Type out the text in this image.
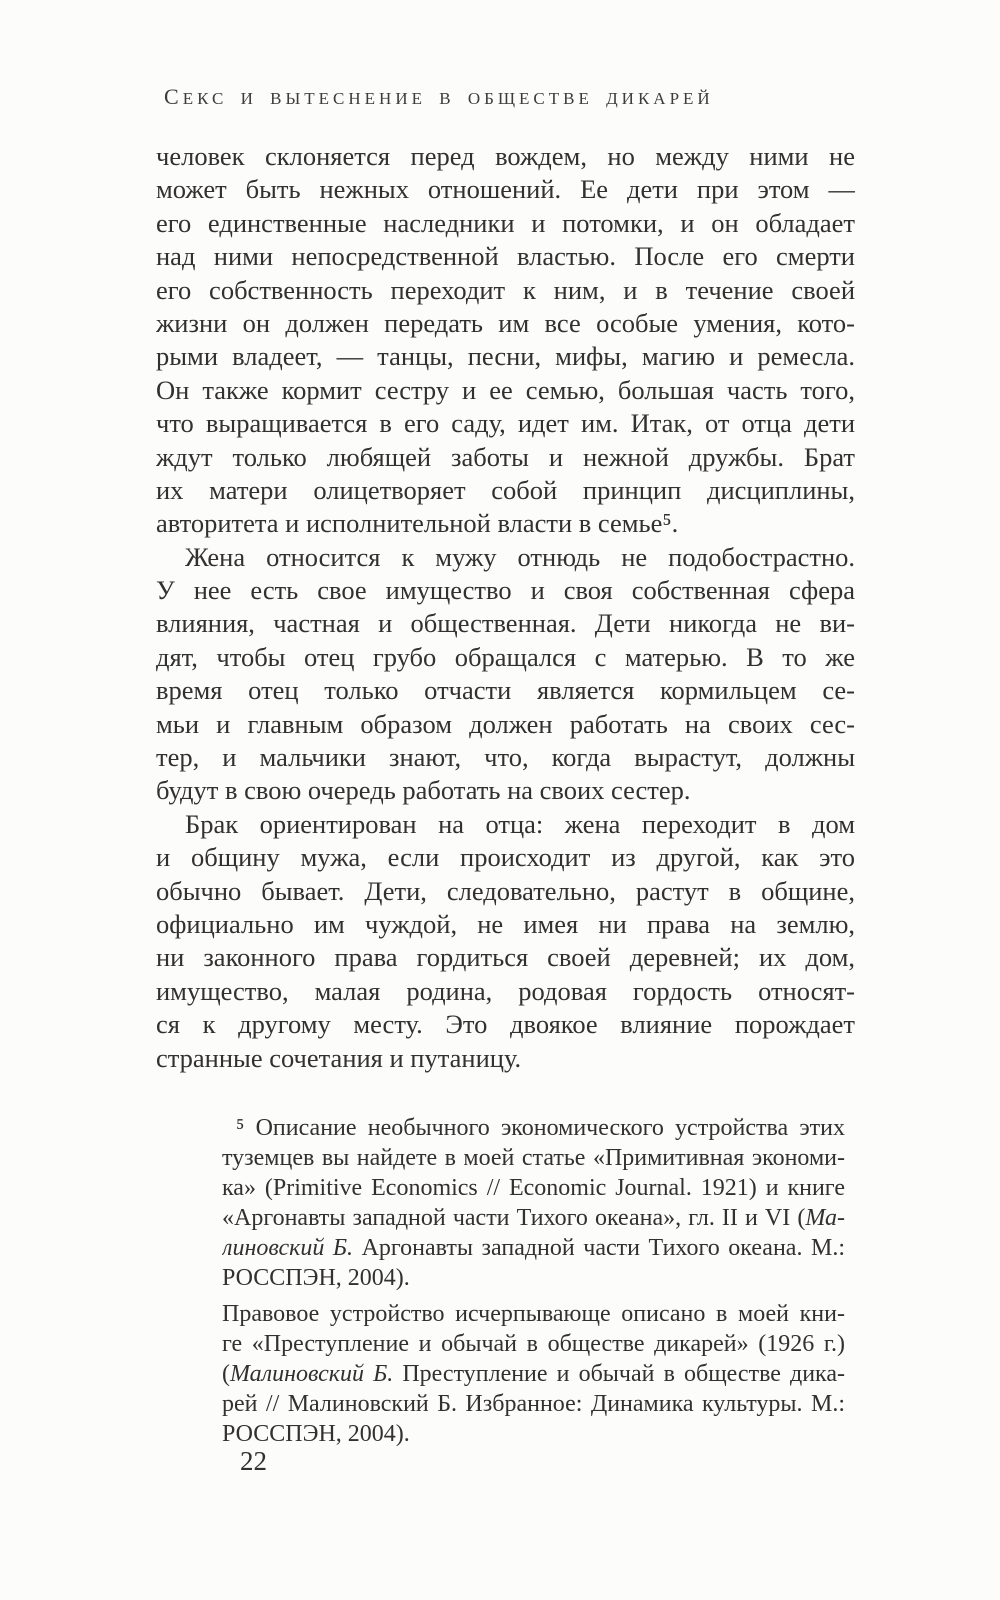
СЕКС И ВЫТЕСНЕНИЕ В ОБЩЕСТВЕ ДИКАРЕЙ
человек склоняется перед вождем, но между ними не
может быть нежных отношений. Ее дети при этом —
его единственные наследники и потомки, и он обладает
над ними непосредственной властью. После его смерти
его собственность переходит к ним, и в течение своей
жизни он должен передать им все особые умения, кото-
рыми владеет, — танцы, песни, мифы, магию и ремесла.
Он также кормит сестру и ее семью, большая часть того,
что выращивается в его саду, идет им. Итак, от отца дети
ждут только любящей заботы и нежной дружбы. Брат
их матери олицетворяет собой принцип дисциплины,
авторитета и исполнительной власти в семье⁵.
Жена относится к мужу отнюдь не подобострастно.
У нее есть свое имущество и своя собственная сфера
влияния, частная и общественная. Дети никогда не ви-
дят, чтобы отец грубо обращался с матерью. В то же
время отец только отчасти является кормильцем се-
мьи и главным образом должен работать на своих сес-
тер, и мальчики знают, что, когда вырастут, должны
будут в свою очередь работать на своих сестер.
Брак ориентирован на отца: жена переходит в дом
и общину мужа, если происходит из другой, как это
обычно бывает. Дети, следовательно, растут в общине,
официально им чуждой, не имея ни права на землю,
ни законного права гордиться своей деревней; их дом,
имущество, малая родина, родовая гордость относят-
ся к другому месту. Это двоякое влияние порождает
странные сочетания и путаницу.
⁵ Описание необычного экономического устройства этих
туземцев вы найдете в моей статье «Примитивная экономи-
ка» (Primitive Economics // Economic Journal. 1921) и книге
«Аргонавты западной части Тихого океана», гл. II и VI (Ма-
линовский Б. Аргонавты западной части Тихого океана. М.:
РОССПЭН, 2004).
Правовое устройство исчерпывающе описано в моей кни-
ге «Преступление и обычай в обществе дикарей» (1926 г.)
(Малиновский Б. Преступление и обычай в обществе дика-
рей // Малиновский Б. Избранное: Динамика культуры. М.:
РОССПЭН, 2004).
22
